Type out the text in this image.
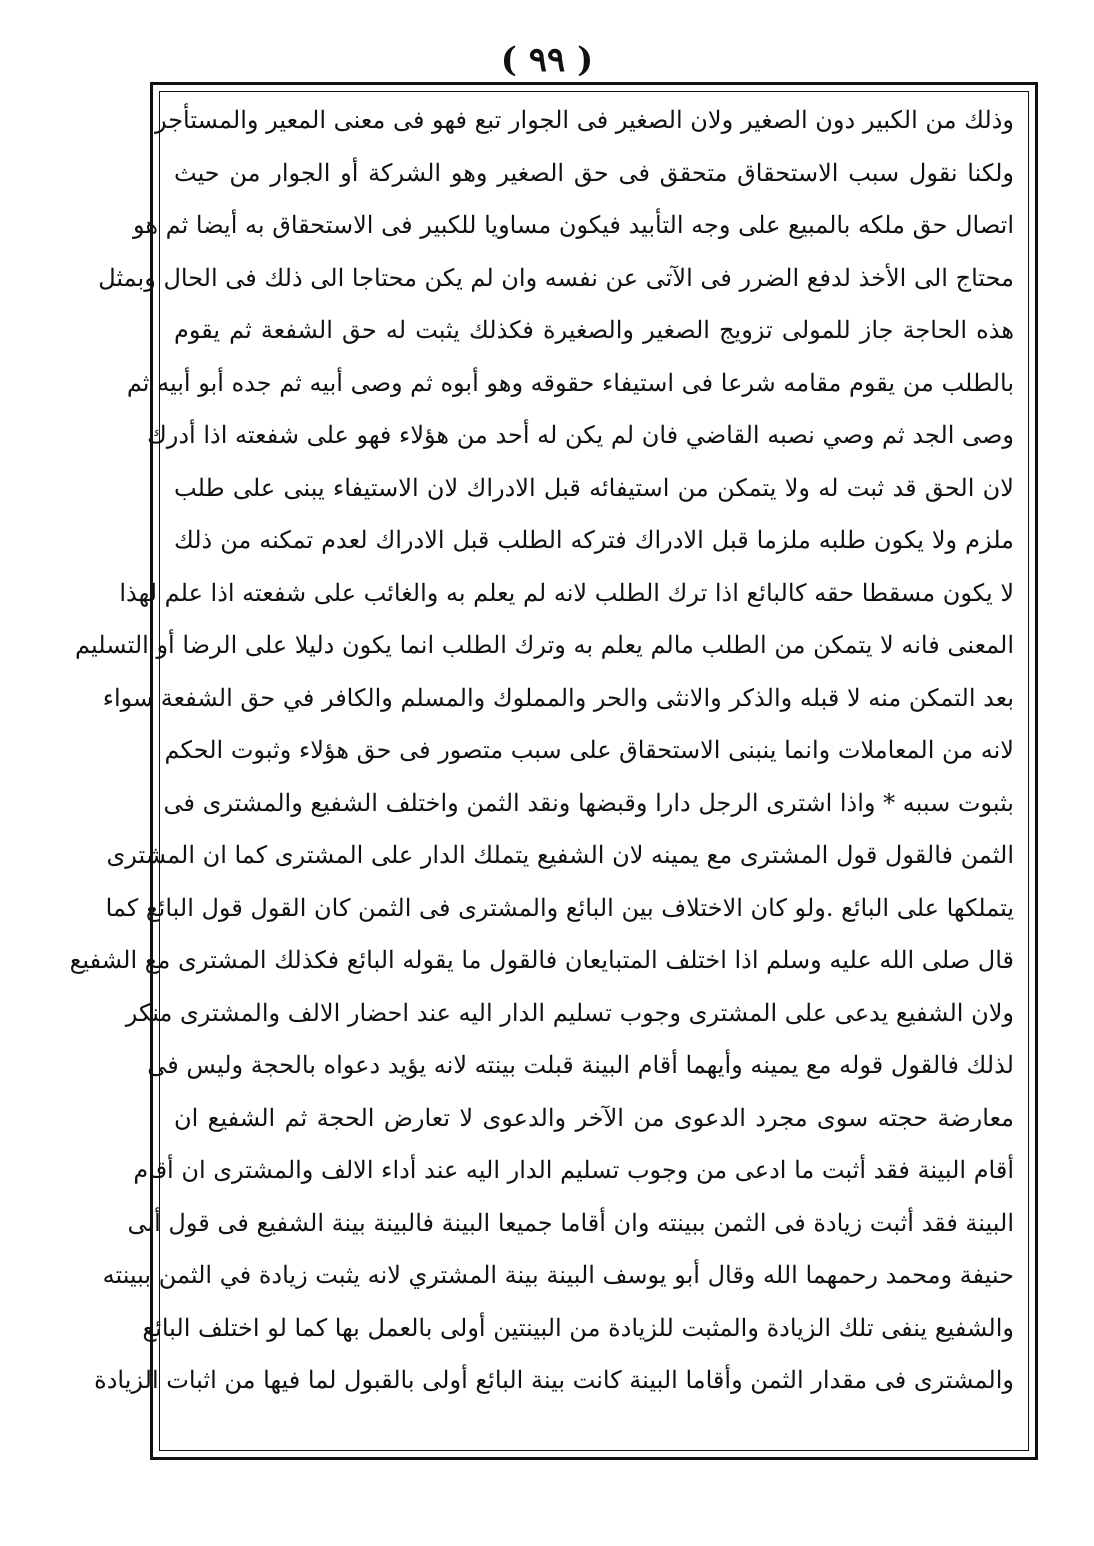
( ٩٩ )
وذلك من الكبير دون الصغير ولان الصغير فى الجوار تبع فهو فى معنى المعير والمستأجر
ولكنا نقول سبب الاستحقاق متحقق فى حق الصغير وهو الشركة أو الجوار من حيث
اتصال حق ملكه بالمبيع على وجه التأبيد فيكون مساويا للكبير فى الاستحقاق به أيضا ثم هو
محتاج الى الأخذ لدفع الضرر فى الآتى عن نفسه وان لم يكن محتاجا الى ذلك فى الحال وبمثل
هذه الحاجة جاز للمولى تزويج الصغير والصغيرة فكذلك يثبت له حق الشفعة ثم يقوم
بالطلب من يقوم مقامه شرعا فى استيفاء حقوقه وهو أبوه ثم وصى أبيه ثم جده أبو أبيه ثم
وصى الجد ثم وصي نصبه القاضي فان لم يكن له أحد من هؤلاء فهو على شفعته اذا أدرك
لان الحق قد ثبت له ولا يتمكن من استيفائه قبل الادراك لان الاستيفاء يبنى على طلب
ملزم ولا يكون طلبه ملزما قبل الادراك فتركه الطلب قبل الادراك لعدم تمكنه من ذلك
لا يكون مسقطا حقه كالبائع اذا ترك الطلب لانه لم يعلم به والغائب على شفعته اذا علم لهذا
المعنى فانه لا يتمكن من الطلب مالم يعلم به وترك الطلب انما يكون دليلا على الرضا أو التسليم
بعد التمكن منه لا قبله والذكر والانثى والحر والمملوك والمسلم والكافر في حق الشفعة سواء
لانه من المعاملات وانما ينبنى الاستحقاق على سبب متصور فى حق هؤلاء وثبوت الحكم
بثبوت سببه * واذا اشترى الرجل دارا وقبضها ونقد الثمن واختلف الشفيع والمشترى فى
الثمن فالقول قول المشترى مع يمينه لان الشفيع يتملك الدار على المشترى كما ان المشترى
يتملكها على البائع .ولو كان الاختلاف بين البائع والمشترى فى الثمن كان القول قول البائع كما
قال صلى الله عليه وسلم اذا اختلف المتبايعان فالقول ما يقوله البائع فكذلك المشترى مع الشفيع
ولان الشفيع يدعى على المشترى وجوب تسليم الدار اليه عند احضار الالف والمشترى منكر
لذلك فالقول قوله مع يمينه وأيهما أقام البينة قبلت بينته لانه يؤيد دعواه بالحجة وليس فى
معارضة حجته سوى مجرد الدعوى من الآخر والدعوى لا تعارض الحجة ثم الشفيع ان
أقام البينة فقد أثبت ما ادعى من وجوب تسليم الدار اليه عند أداء الالف والمشترى ان أقام
البينة فقد أثبت زيادة فى الثمن ببينته وان أقاما جميعا البينة فالبينة بينة الشفيع فى قول أبى
حنيفة ومحمد رحمهما الله وقال أبو يوسف البينة بينة المشتري لانه يثبت زيادة في الثمن ببينته
والشفيع ينفى تلك الزيادة والمثبت للزيادة من البينتين أولى بالعمل بها كما لو اختلف البائع
والمشترى فى مقدار الثمن وأقاما البينة كانت بينة البائع أولى بالقبول لما فيها من اثبات الزيادة
